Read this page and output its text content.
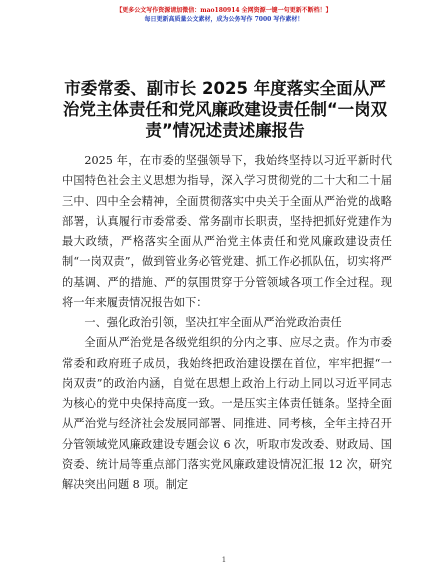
【更多公文写作资源请加微信：mao180914 全网资源一键一句更新不断档！】
每日更新高质量公文素材，成为公务写作 7000 写作素材！
市委常委、副市长 2025 年度落实全面从严治党主体责任和党风廉政建设责任制“一岗双责”情况述责述廉报告

2025 年，在市委的坚强领导下，我始终坚持以习近平新时代中国特色社会主义思想为指导，深入学习贯彻党的二十大和二十届三中、四中全会精神，全面贯彻落实中央关于全面从严治党的战略部署，认真履行市委常委、常务副市长职责，坚持把抓好党建作为最大政绩，严格落实全面从严治党主体责任和党风廉政建设责任制“一岗双责”，做到管业务必管党建、抓工作必抓队伍，切实将严的基调、严的措施、严的氛围贯穿于分管领域各项工作全过程。现将一年来履责情况报告如下：

一、强化政治引领，坚决扛牢全面从严治党政治责任

全面从严治党是各级党组织的分内之事、应尽之责。作为市委常委和政府班子成员，我始终把政治建设摆在首位，牢牢把握“一岗双责”的政治内涵，自觉在思想上政治上行动上同以习近平同志为核心的党中央保持高度一致。一是压实主体责任链条。坚持全面从严治党与经济社会发展同部署、同推进、同考核，全年主持召开分管领域党风廉政建设专题会议 6 次，听取市发改委、财政局、国资委、统计局等重点部门落实党风廉政建设情况汇报 12 次，研究解决突出问题 8 项。制定

1
